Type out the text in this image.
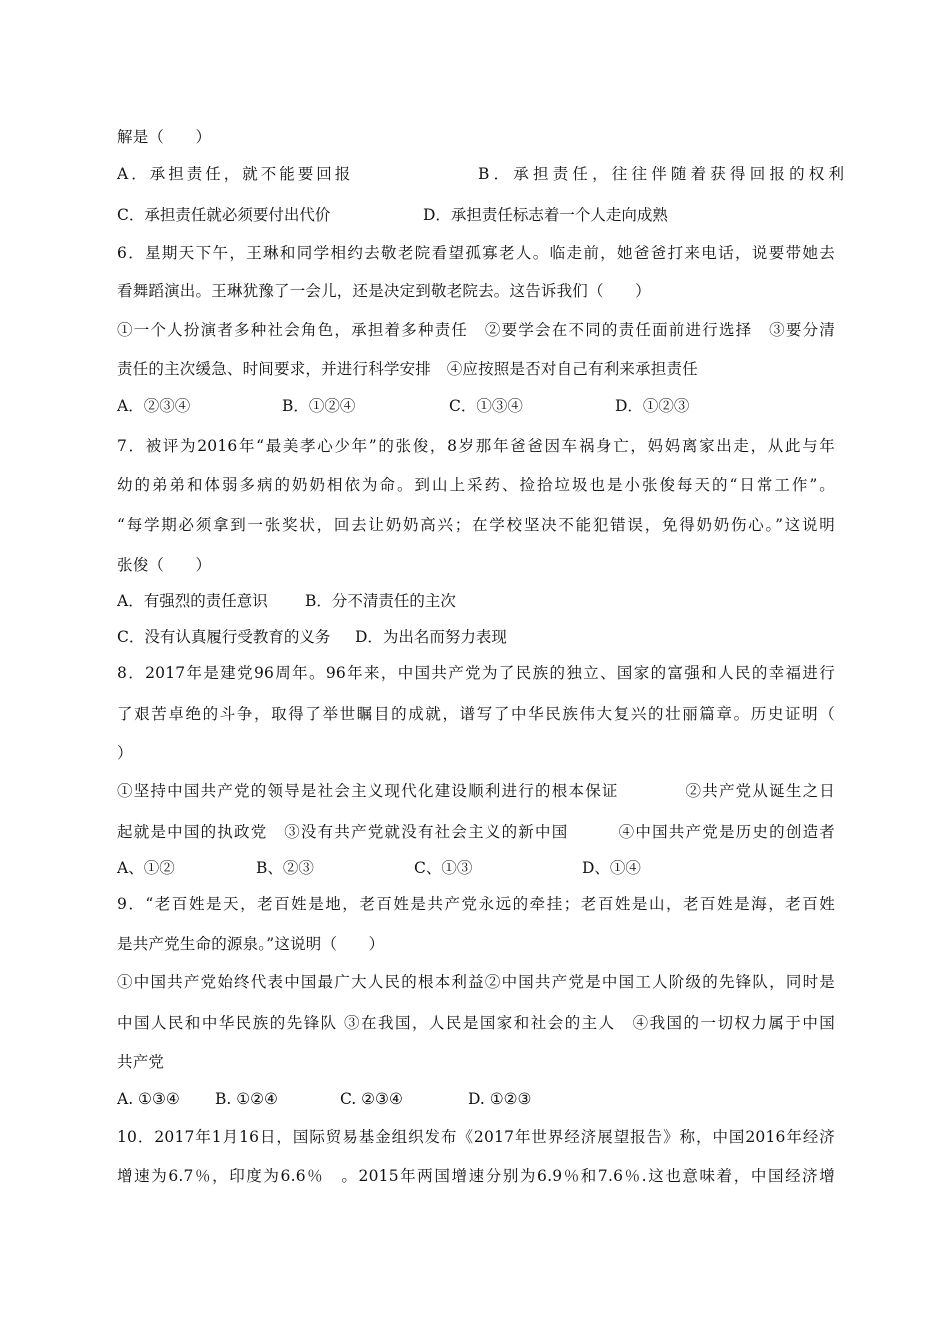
解是（　　）
A．承担责任，就不能要回报	B．承担责任，往往伴随着获得回报的权利
C．承担责任就必须要付出代价	D．承担责任标志着一个人走向成熟
6．星期天下午，王琳和同学相约去敬老院看望孤寡老人。临走前，她爸爸打来电话，说要带她去
看舞蹈演出。王琳犹豫了一会儿，还是决定到敬老院去。这告诉我们（　　）
①一个人扮演者多种社会角色，承担着多种责任　②要学会在不同的责任面前进行选择　③要分清
责任的主次缓急、时间要求，并进行科学安排　④应按照是否对自己有利来承担责任
A．②③④	B．①②④	C．①③④	D．①②③
7．被评为2016年“最美孝心少年”的张俊，8岁那年爸爸因车祸身亡，妈妈离家出走，从此与年
幼的弟弟和体弱多病的奶奶相依为命。到山上采药、捡拾垃圾也是小张俊每天的“日常工作”。
“每学期必须拿到一张奖状，回去让奶奶高兴；在学校坚决不能犯错误，免得奶奶伤心。”这说明
张俊（　　）
A．有强烈的责任意识 B．分不清责任的主次
C．没有认真履行受教育的义务 D．为出名而努力表现
8．2017年是建党96周年。96年来，中国共产党为了民族的独立、国家的富强和人民的幸福进行
了艰苦卓绝的斗争，取得了举世瞩目的成就，谱写了中华民族伟大复兴的壮丽篇章。历史证明（
）
①坚持中国共产党的领导是社会主义现代化建设顺利进行的根本保证　　　　②共产党从诞生之日
起就是中国的执政党　③没有共产党就没有社会主义的新中国　　　④中国共产党是历史的创造者
A、①②	B、②③	C、①③	D、①④
9．“老百姓是天，老百姓是地，老百姓是共产党永远的牵挂；老百姓是山，老百姓是海，老百姓
是共产党生命的源泉。”这说明（　　）
①中国共产党始终代表中国最广大人民的根本利益②中国共产党是中国工人阶级的先锋队，同时是
中国人民和中华民族的先锋队 ③在我国，人民是国家和社会的主人　④我国的一切权力属于中国
共产党
A. ①③④ B. ①②④	C. ②③④	D. ①②③
10．2017年1月16日，国际贸易基金组织发布《2017年世界经济展望报告》称，中国2016年经济
增速为6.7％，印度为6.6％　。2015年两国增速分别为6.9％和7.6％.这也意味着，中国经济增
